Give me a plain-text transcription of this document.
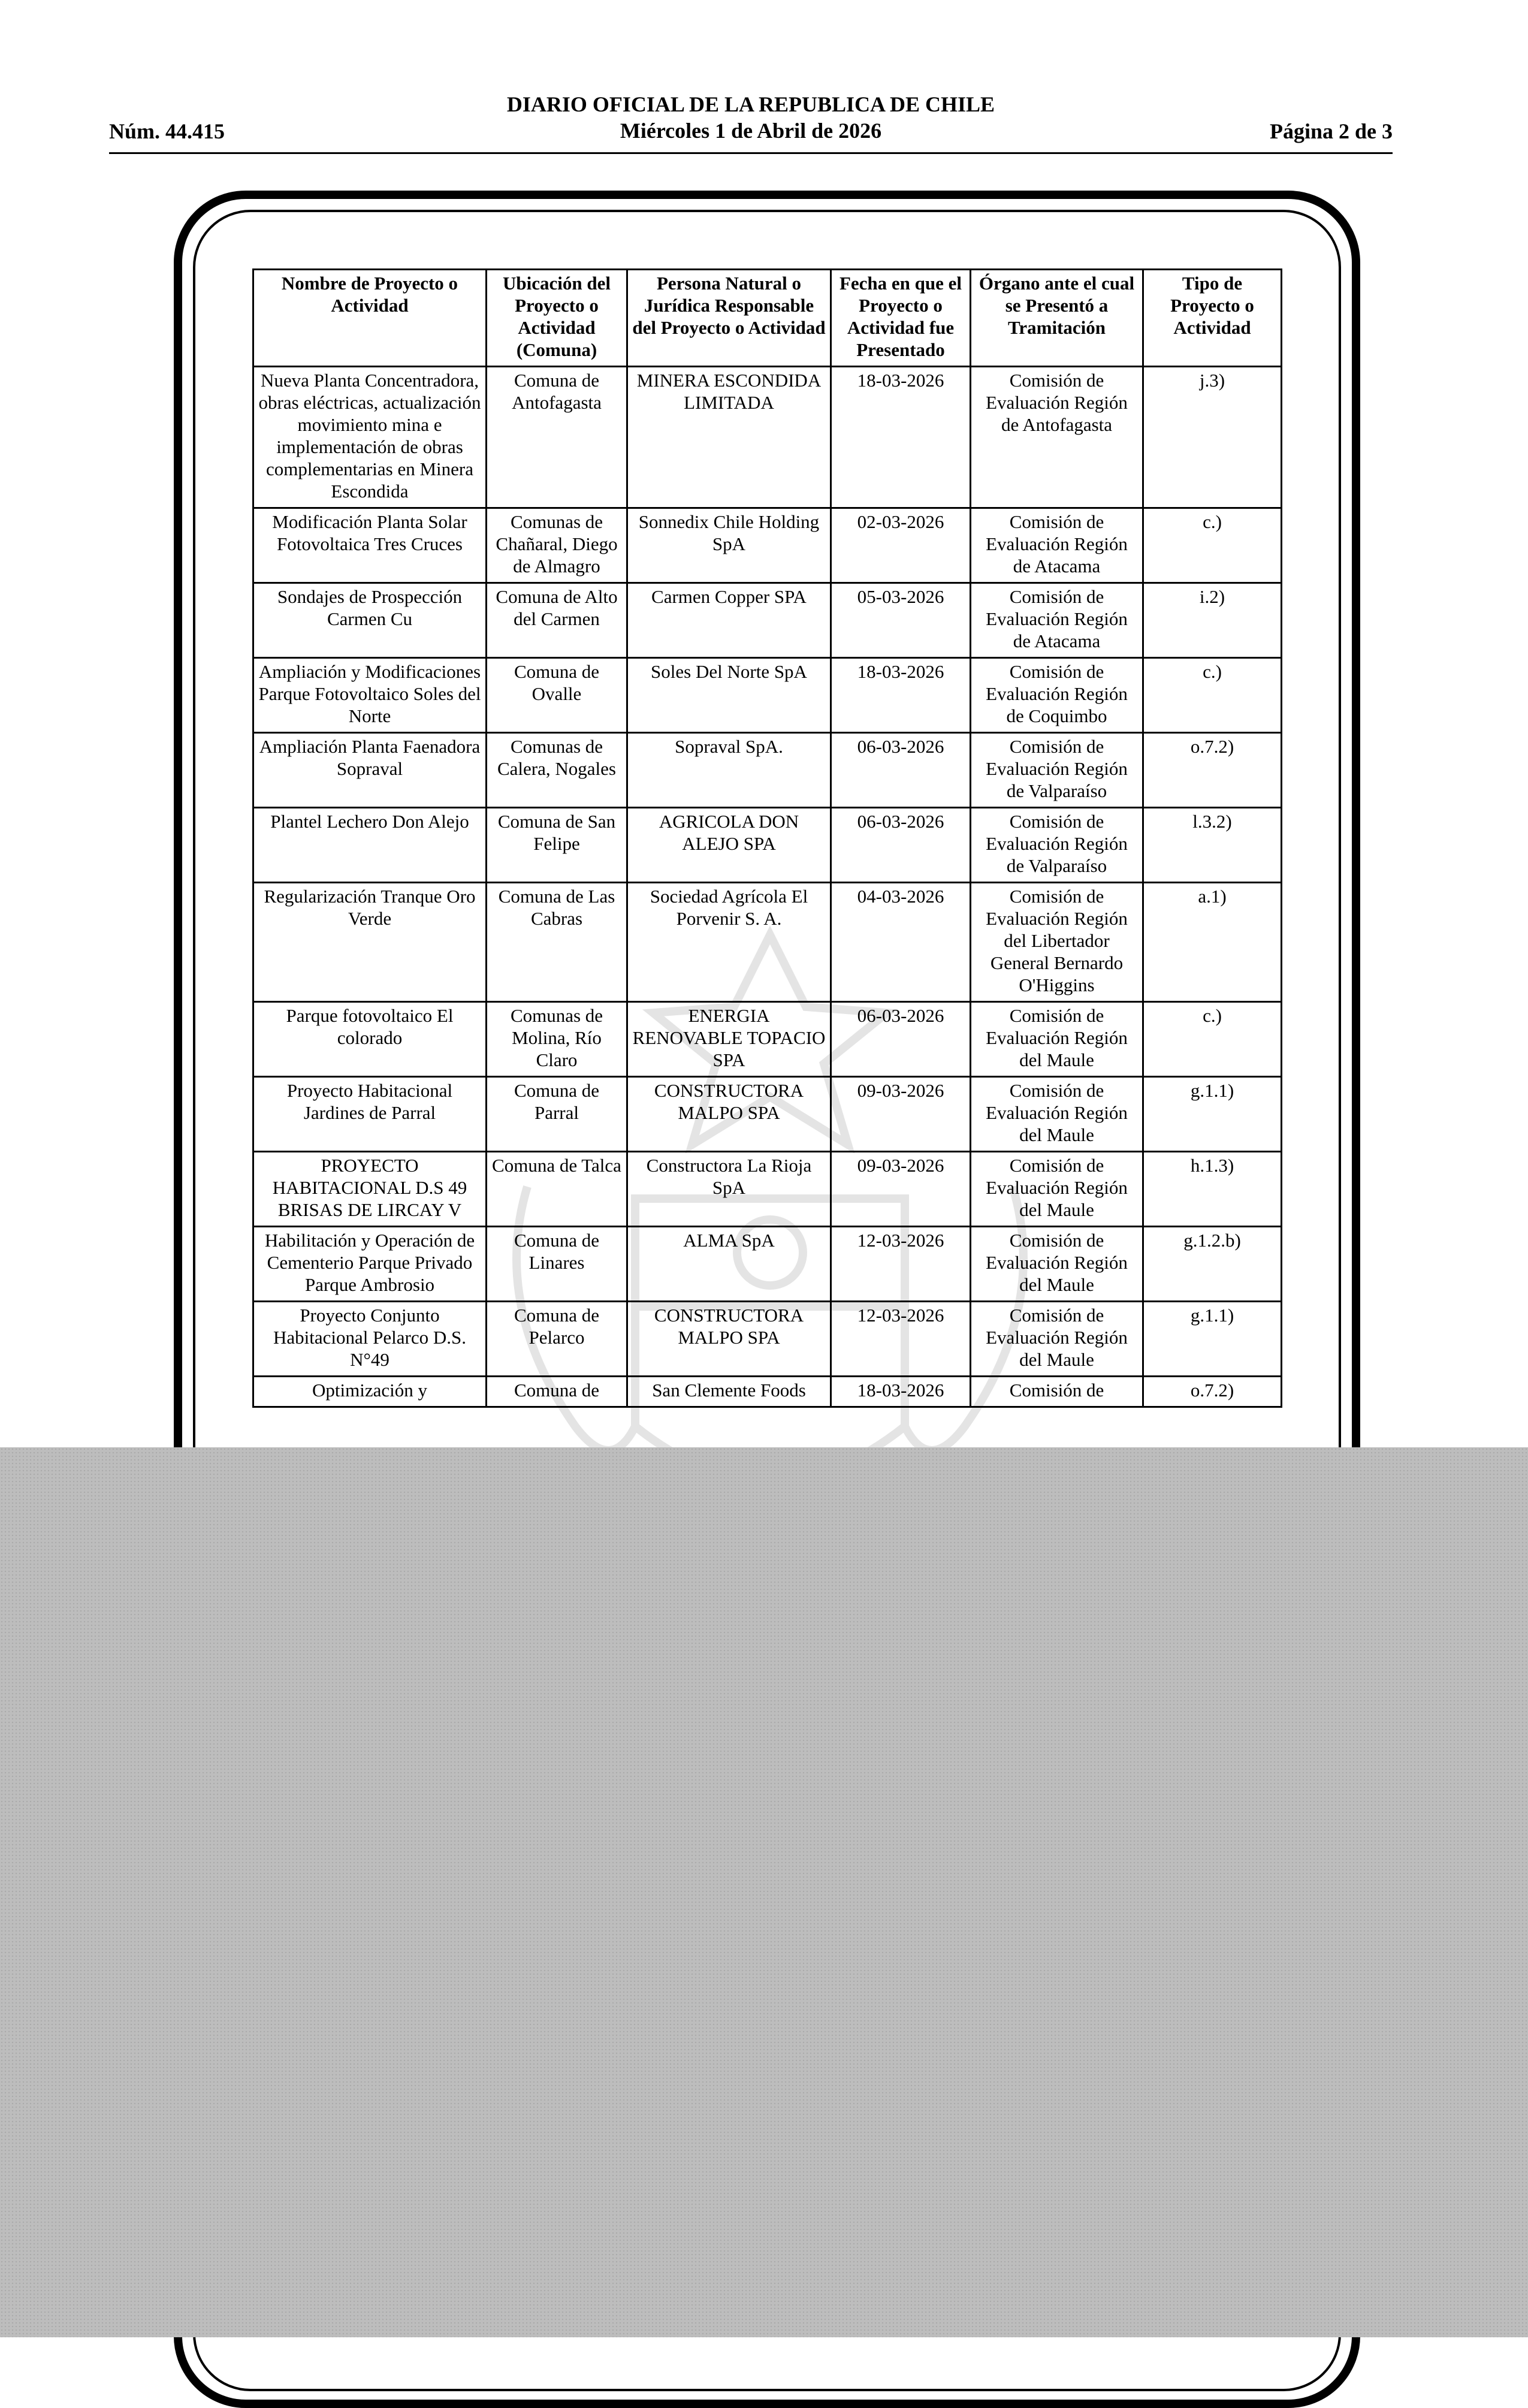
Núm. 44.415
DIARIO OFICIAL DE LA REPUBLICA DE CHILE
Miércoles 1 de Abril de 2026	Página 2 de 3
Nombre de Proyecto o Actividad	Ubicación del Proyecto o Actividad (Comuna)	Persona Natural o Jurídica Responsable del Proyecto o Actividad	Fecha en que el Proyecto o Actividad fue Presentado	Órgano ante el cual se Presentó a Tramitación	Tipo de Proyecto o Actividad
Nueva Planta Concentradora, obras eléctricas, actualización movimiento mina e implementación de obras complementarias en Minera Escondida	Comuna de Antofagasta	MINERA ESCONDIDA LIMITADA	18-03-2026	Comisión de Evaluación Región de Antofagasta	j.3)
Modificación Planta Solar Fotovoltaica Tres Cruces	Comunas de Chañaral, Diego de Almagro	Sonnedix Chile Holding SpA	02-03-2026	Comisión de Evaluación Región de Atacama	c.)
Sondajes de Prospección Carmen Cu	Comuna de Alto del Carmen	Carmen Copper SPA	05-03-2026	Comisión de Evaluación Región de Atacama	i.2)
Ampliación y Modificaciones Parque Fotovoltaico Soles del Norte	Comuna de Ovalle	Soles Del Norte SpA	18-03-2026	Comisión de Evaluación Región de Coquimbo	c.)
Ampliación Planta Faenadora Sopraval	Comunas de Calera, Nogales	Sopraval SpA.	06-03-2026	Comisión de Evaluación Región de Valparaíso	o.7.2)
Plantel Lechero Don Alejo	Comuna de San Felipe	AGRICOLA DON ALEJO SPA	06-03-2026	Comisión de Evaluación Región de Valparaíso	l.3.2)
Regularización Tranque Oro Verde	Comuna de Las Cabras	Sociedad Agrícola El Porvenir S. A.	04-03-2026	Comisión de Evaluación Región del Libertador General Bernardo O'Higgins	a.1)
Parque fotovoltaico El colorado	Comunas de Molina, Río Claro	ENERGIA RENOVABLE TOPACIO SPA	06-03-2026	Comisión de Evaluación Región del Maule	c.)
Proyecto Habitacional Jardines de Parral	Comuna de Parral	CONSTRUCTORA MALPO SPA	09-03-2026	Comisión de Evaluación Región del Maule	g.1.1)
PROYECTO HABITACIONAL D.S 49 BRISAS DE LIRCAY V	Comuna de Talca	Constructora La Rioja SpA	09-03-2026	Comisión de Evaluación Región del Maule	h.1.3)
Habilitación y Operación de Cementerio Parque Privado Parque Ambrosio	Comuna de Linares	ALMA SpA	12-03-2026	Comisión de Evaluación Región del Maule	g.1.2.b)
Proyecto Conjunto Habitacional Pelarco D.S. N°49	Comuna de Pelarco	CONSTRUCTORA MALPO SPA	12-03-2026	Comisión de Evaluación Región del Maule	g.1.1)
Optimización y	Comuna de	San Clemente Foods	18-03-2026	Comisión de	o.7.2)
